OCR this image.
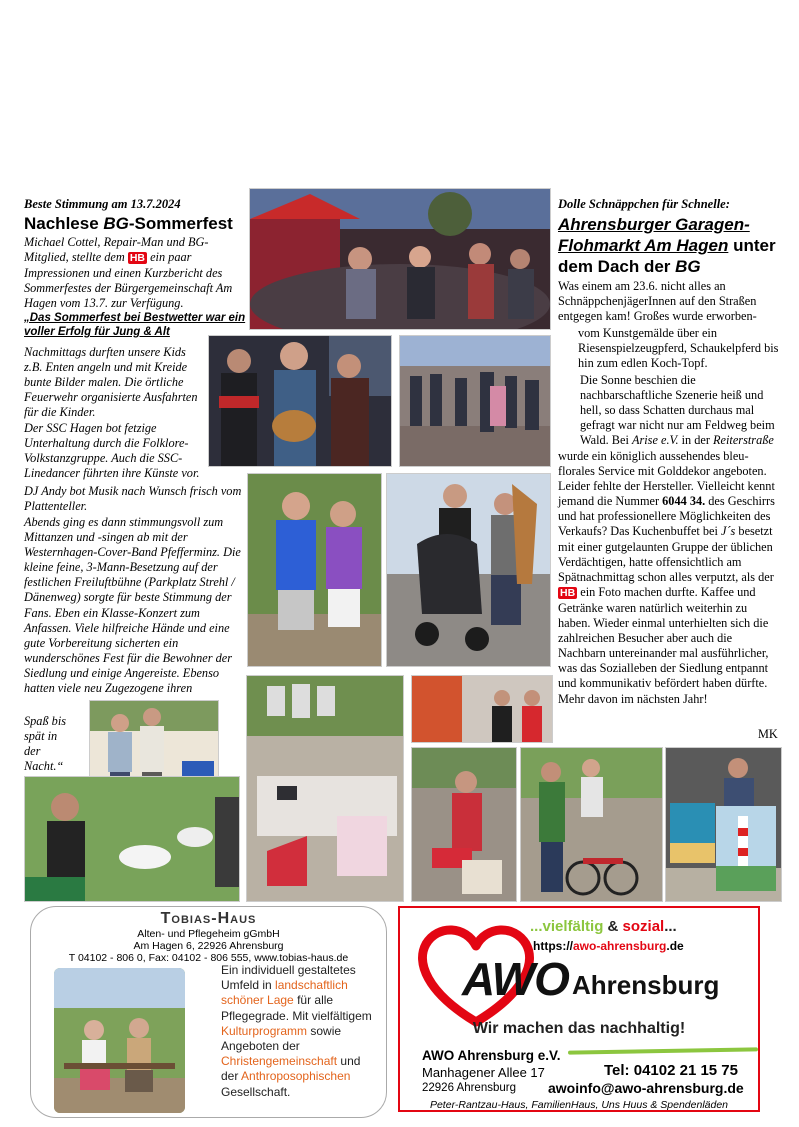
Beste Stimmung am 13.7.2024
Nachlese BG-Sommerfest
Michael Cottel, Repair-Man und BG-Mitglied, stellte dem HB ein paar Impressionen und einen Kurzbericht des Sommerfestes der Bürgergemeinschaft Am Hagen vom 13.7. zur Verfügung.
„Das Sommerfest bei Bestwetter war ein voller Erfolg für Jung & Alt
Nachmittags durften unsere Kids z.B. Enten angeln und mit Kreide bunte Bilder malen. Die örtliche Feuerwehr organisierte Ausfahrten für die Kinder.
Der SSC Hagen bot fetzige Unterhaltung durch die Folklore-Volkstanzgruppe. Auch die SSC-Linedancer führten ihre Künste vor.
DJ Andy bot Musik nach Wunsch frisch vom Plattenteller.
Abends ging es dann stimmungsvoll zum Mittanzen und -singen ab mit der Westernhagen-Cover-Band Pfefferminz. Die kleine feine, 3-Mann-Besetzung auf der festlichen Freiluftbühne (Parkplatz Strehl / Dänenweg) sorgte für beste Stimmung der Fans. Eben ein Klasse-Konzert zum Anfassen. Viele hilfreiche Hände und eine gute Vorbereitung sicherten ein wunderschönes Fest für die Bewohner der Siedlung und einige Angereiste. Ebenso hatten viele neu Zugezogene ihren
Spaß bis
spät in
der
Nacht.“
Dolle Schnäppchen für Schnelle:
Ahrensburger Garagen-
Flohmarkt Am Hagen unter
dem Dach der BG
Was einem am 23.6. nicht alles an SchnäppchenjägerInnen auf den Straßen entgegen kam! Großes wurde erworben-
vom Kunstgemälde über ein Riesenspielzeugpferd, Schaukelpferd bis hin zum edlen Koch-Topf.
Die Sonne beschien die nachbarschaftliche Szenerie heiß und hell, so dass Schatten durchaus mal gefragt war nicht nur am Feldweg beim Wald. Bei Arise e.V. in der Reiterstraße
wurde ein königlich aussehendes bleu-florales Service mit Golddekor angeboten. Leider fehlte der Hersteller. Vielleicht kennt jemand die Nummer 6044 34. des Geschirrs und hat professionellere Möglichkeiten des Verkaufs? Das Kuchenbuffet bei J´s besetzt mit einer gutgelaunten Gruppe der üblichen Verdächtigen, hatte offensichtlich am Spätnachmittag schon alles verputzt, als der HB ein Foto machen durfte. Kaffee und Getränke waren natürlich weiterhin zu haben. Wieder einmal unterhielten sich die zahlreichen Besucher aber auch die Nachbarn untereinander mal ausführlicher, was das Sozialleben der Siedlung entpannt und kommunikativ befördert haben dürfte. Mehr davon im nächsten Jahr!
MK
Tobias-Haus
Alten- und Pflegeheim gGmbH
Am Hagen 6, 22926 Ahrensburg
T 04102 - 806 0, Fax: 04102 - 806 555, www.tobias-haus.de
Ein individuell gestaltetes Umfeld in landschaftlich schöner Lage für alle Pflegegrade. Mit vielfältigem Kulturprogramm sowie Angeboten der Christengemeinschaft und der Anthroposophischen Gesellschaft.
...vielfältig & sozial...
https://awo-ahrensburg.de
AWO Ahrensburg
Wir machen das nachhaltig!
AWO Ahrensburg e.V.
Manhagener Allee 17
22926 Ahrensburg
Tel: 04102 21 15 75
awoinfo@awo-ahrensburg.de
Peter-Rantzau-Haus, FamilienHaus, Uns Huus & Spendenläden
